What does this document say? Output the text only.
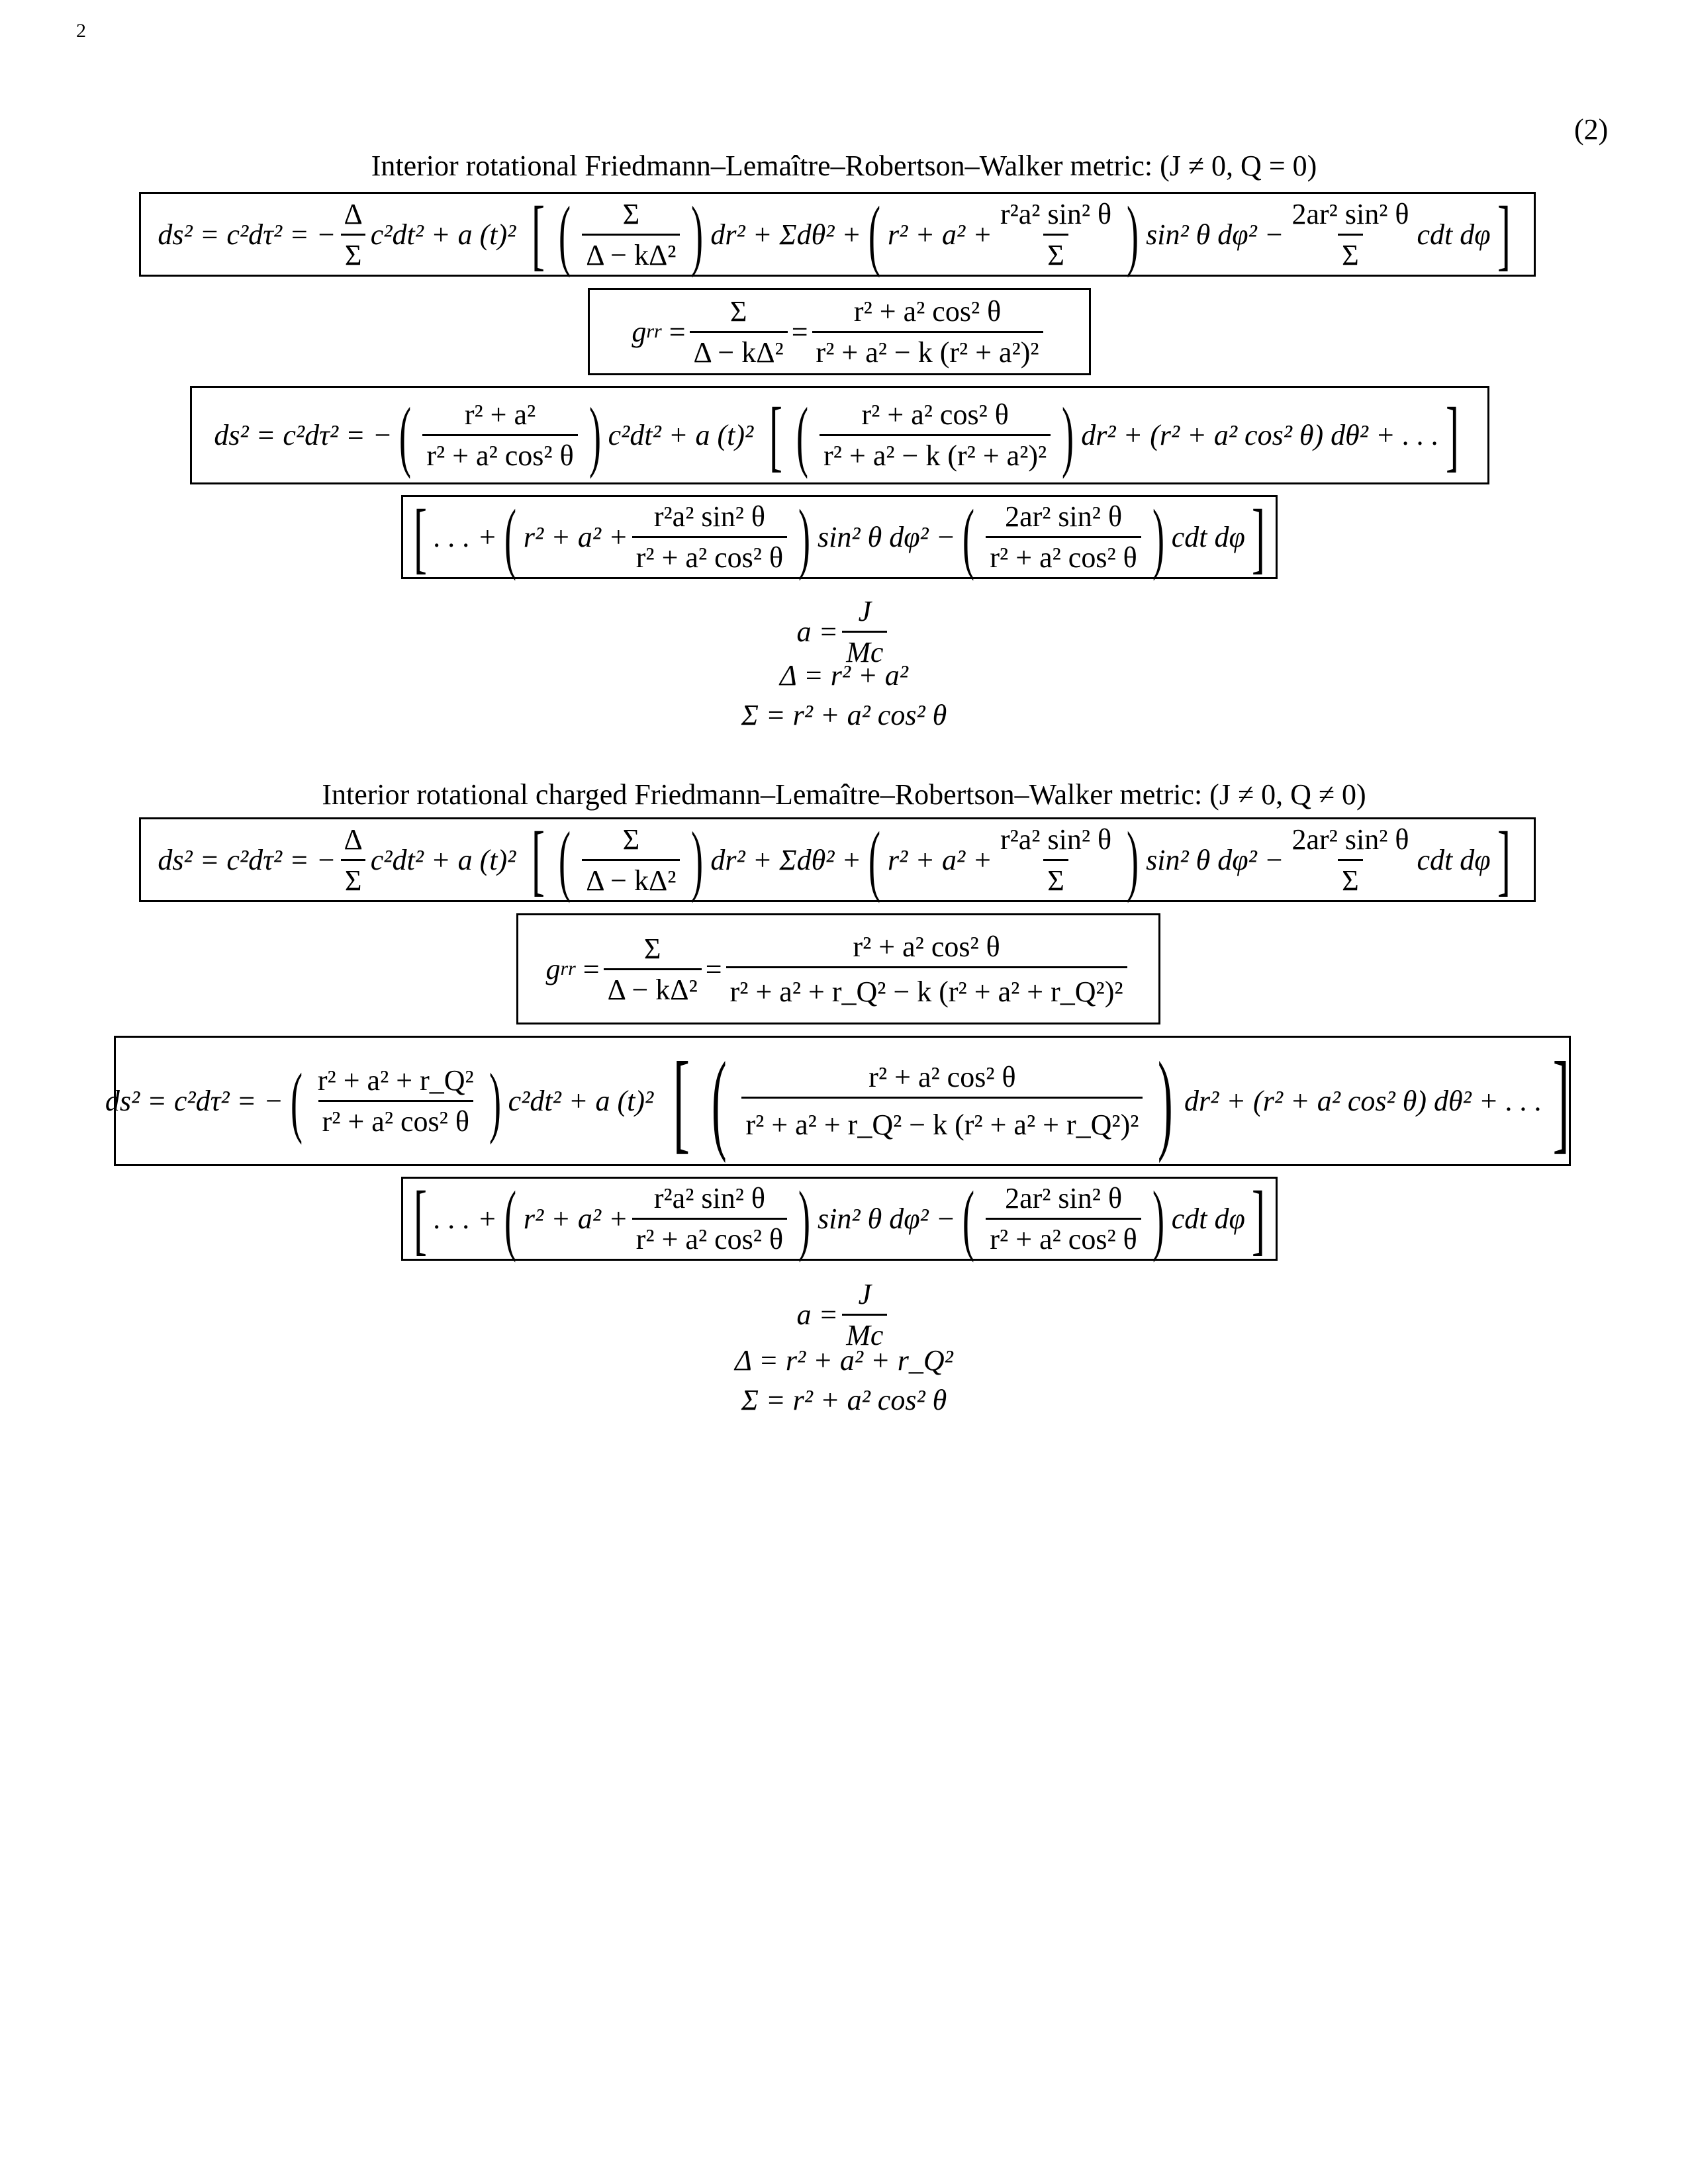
2
(2)
Interior rotational Friedmann–Lemaître–Robertson–Walker metric: (J ≠ 0, Q = 0)
ds² = c²dτ² = − $\frac{\Delta}{\Sigma} c^2dt^2 + a$ (t)² [ ( $\frac{\Sigma}{\text{Δ − kΔ²}}$ ) dr² + Σdθ² + ( $r^2 + a^2 + \frac{\text{r²a² sin² θ}}{\Sigma}$ ) sin² θ $d\varphi^2 - \frac{\text{2ar² sin² θ}}{\Sigma}$ cdt dφ ]
g rr = $\frac{\Sigma}{\text{Δ − kΔ²}} = \frac{\text{r² + a² cos² θ}}{\text{r² + a² − k (r² + a²)²}}$
ds² = c²dτ² = − ( $\frac{\text{r² + a²}}{\text{r² + a² cos² θ}}$ ) c²dt² + a (t)² [ ( $\frac{\text{r² + a² cos² θ}}{\text{r² + a² − k (r² + a²)²}}$ ) dr² + (r² + a² cos² θ) dθ² + . . . ]
[ . . . + ( $r^2 + a^2 + \frac{\text{r²a² sin² θ}}{\text{r² + a² cos² θ}}$ ) sin² θ dφ² − ( $\frac{\text{2ar² sin² θ}}{\text{r² + a² cos² θ}}$ ) cdt dφ ]
$a = \frac{J}{Mc}$
Δ = r² + a²
Σ = r² + a² cos² θ
Interior rotational charged Friedmann–Lemaître–Robertson–Walker metric: (J ≠ 0, Q ≠ 0)
ds² = c²dτ² = − $\frac{\Delta}{\Sigma} c^2dt^2 + a$ (t)² [ ( $\frac{\Sigma}{\text{Δ − kΔ²}}$ ) dr² + Σdθ² + ( $r^2 + a^2 + \frac{\text{r²a² sin² θ}}{\Sigma}$ ) sin² θ $d\varphi^2 - \frac{\text{2ar² sin² θ}}{\Sigma}$ cdt dφ ]
g rr = $\frac{\Sigma}{\text{Δ − kΔ²}} = \frac{\text{r² + a² cos² θ}}{\text{r² + a² + r\_Q² − k (r² + a² + r\_Q²)²}}$
ds² = c²dτ² = − ( $\frac{\text{r² + a² + r\_Q²}}{\text{r² + a² cos² θ}}$ ) c²dt² + a (t)² [ ( $\frac{\text{r² + a² cos² θ}}{\text{r² + a² + r\_Q² − k (r² + a² + r\_Q²)²}}$ ) dr² + (r² + a² cos² θ) dθ² + . . . ]
[ . . . + ( $r^2 + a^2 + \frac{\text{r²a² sin² θ}}{\text{r² + a² cos² θ}}$ ) sin² θ dφ² − ( $\frac{\text{2ar² sin² θ}}{\text{r² + a² cos² θ}}$ ) cdt dφ ]
$a = \frac{J}{Mc}$
Δ = r² + a² + r_Q²
Σ = r² + a² cos² θ
